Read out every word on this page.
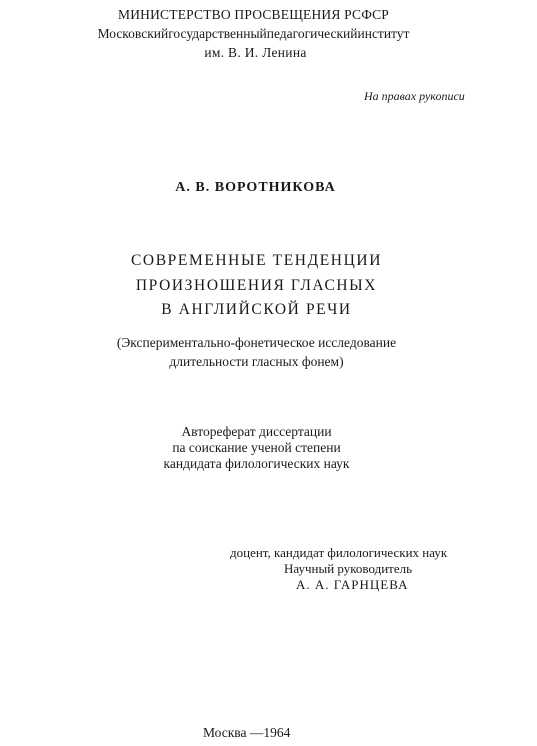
МИНИСТЕРСТВО ПРОСВЕЩЕНИЯ РСФСР
Московскийгосударственныйпедагогическийинститут
им. В. И. Ленина
На правах рукописи
А. В. ВОРОТНИКОВА
СОВРЕМЕННЫЕ ТЕНДЕНЦИИ
ПРОИЗНОШЕНИЯ ГЛАСНЫХ
В АНГЛИЙСКОЙ РЕЧИ
(Экспериментально-фонетическое исследование
длительности гласных фонем)
Автореферат диссертации
па соискание ученой степени
кандидата филологических наук
доцент, кандидат филологических наук
Научный руководитель
А. А. ГАРНЦЕВА
Москва —1964
